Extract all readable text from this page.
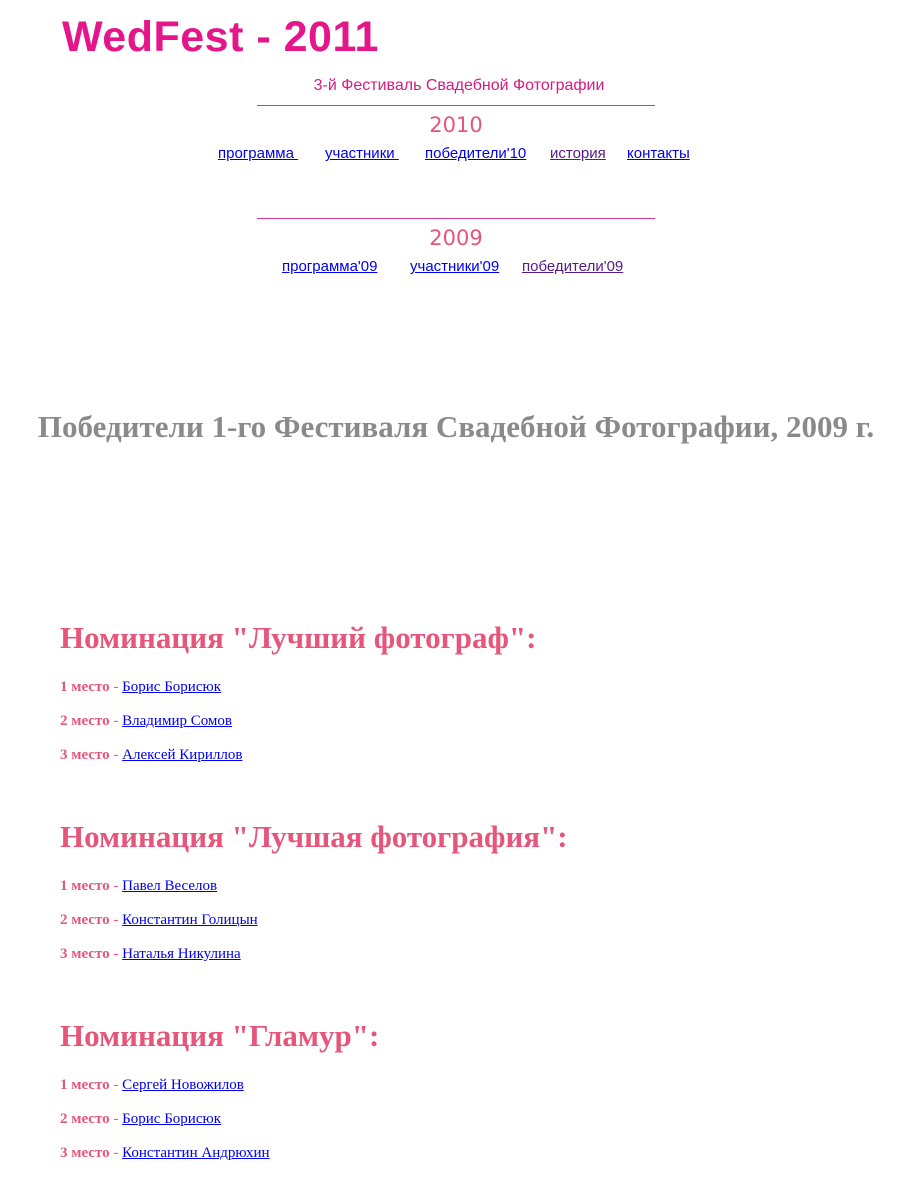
WedFest - 2011
3-й Фестиваль Свадебной Фотографии
2010
программа участники победители'10 история контакты
2009
программа'09 участники'09 победители'09
Победители 1-го Фестиваля Свадебной Фотографии, 2009 г.
Номинация "Лучший фотограф":

1 место - Борис Борисюк

2 место - Владимир Сомов

3 место - Алексей Кириллов

Номинация "Лучшая фотография":

1 место - Павел Веселов

2 место - Константин Голицын

3 место - Наталья Никулина

Номинация "Гламур":

1 место - Сергей Новожилов

2 место - Борис Борисюк

3 место - Константин Андрюхин
